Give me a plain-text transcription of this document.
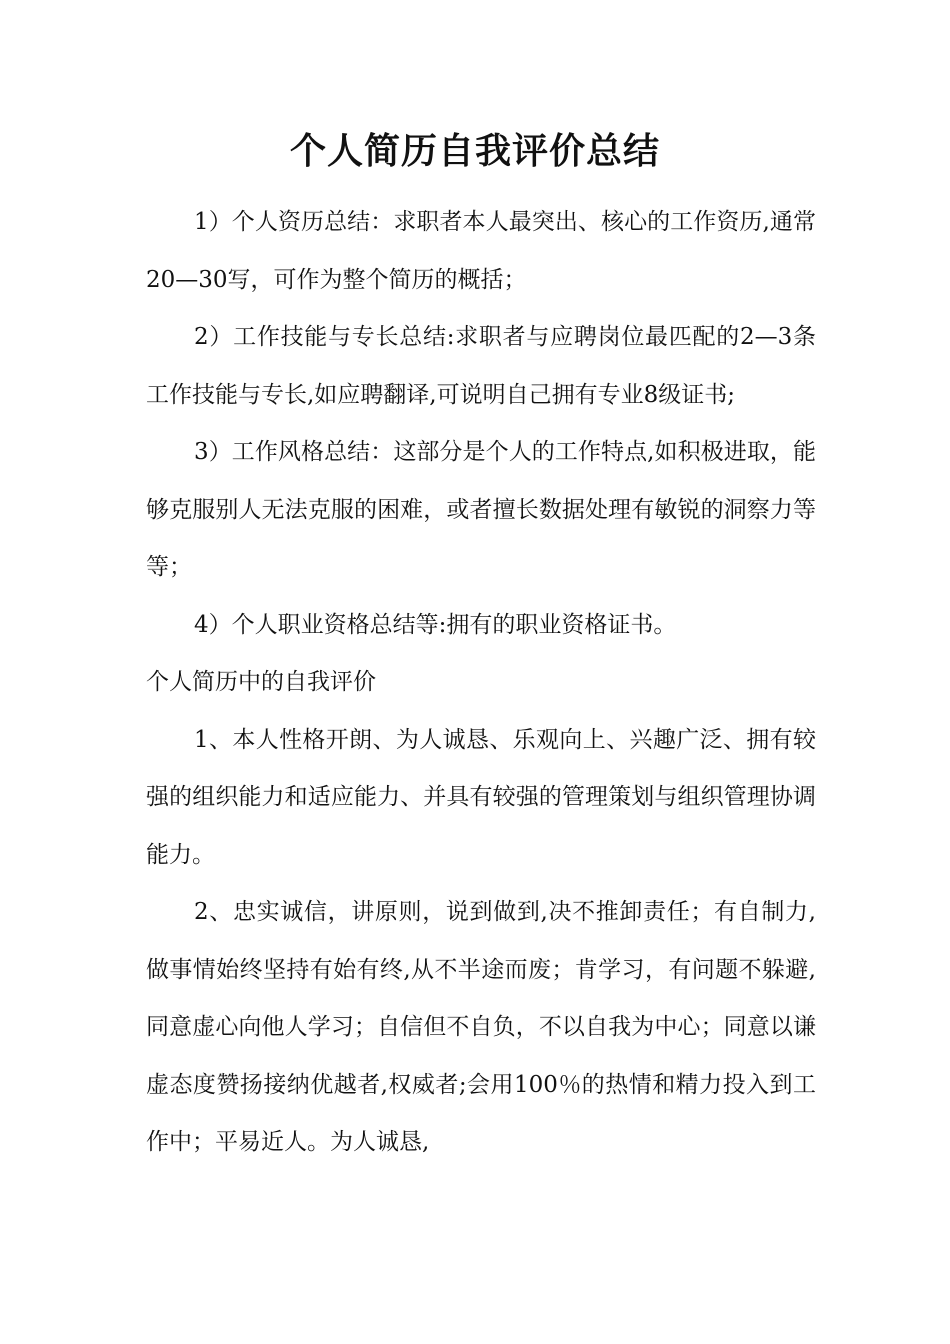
个人简历自我评价总结

1）个人资历总结：求职者本人最突出、核心的工作资历,通常20—30写，可作为整个简历的概括；

2）工作技能与专长总结:求职者与应聘岗位最匹配的2—3条工作技能与专长,如应聘翻译,可说明自己拥有专业8级证书;

3）工作风格总结：这部分是个人的工作特点,如积极进取，能够克服别人无法克服的困难，或者擅长数据处理有敏锐的洞察力等等；

4）个人职业资格总结等:拥有的职业资格证书。

个人简历中的自我评价

1、本人性格开朗、为人诚恳、乐观向上、兴趣广泛、拥有较强的组织能力和适应能力、并具有较强的管理策划与组织管理协调能力。

2、忠实诚信，讲原则，说到做到,决不推卸责任；有自制力,做事情始终坚持有始有终,从不半途而废；肯学习，有问题不躲避,同意虚心向他人学习；自信但不自负，不以自我为中心；同意以谦虚态度赞扬接纳优越者,权威者;会用100％的热情和精力投入到工作中；平易近人。为人诚恳,
